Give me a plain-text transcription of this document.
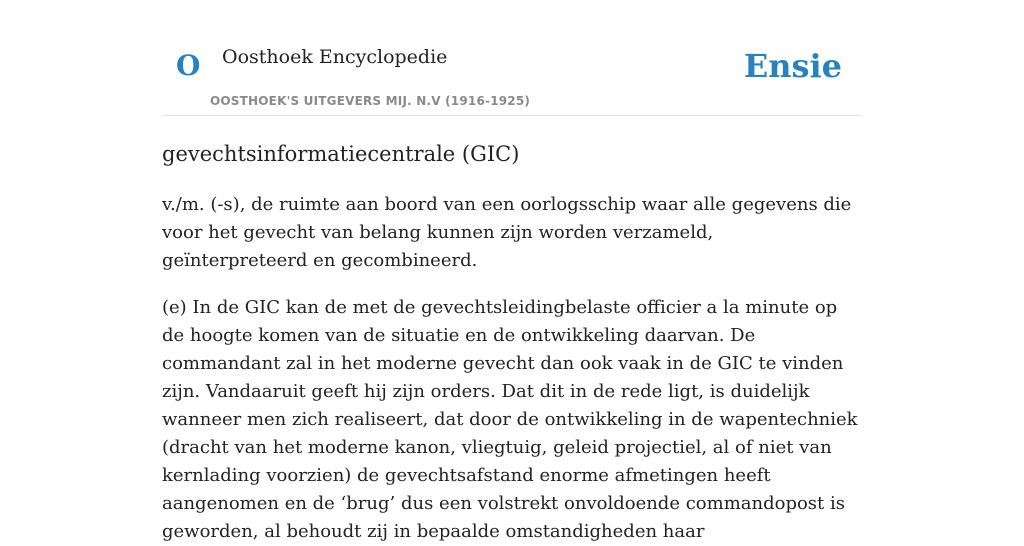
O Oosthoek Encyclopedie
OOSTHOEK'S UITGEVERS MIJ. N.V (1916-1925)
Ensie
gevechtsinformatiecentrale (GIC)

v./m. (-s), de ruimte aan boord van een oorlogsschip waar alle gegevens die voor het gevecht van belang kunnen zijn worden verzameld, geïnterpreteerd en gecombineerd.

(e) In de GIC kan de met de gevechtsleidingbelaste officier a la minute op de hoogte komen van de situatie en de ontwikkeling daarvan. De commandant zal in het moderne gevecht dan ook vaak in de GIC te vinden zijn. Vandaaruit geeft hij zijn orders. Dat dit in de rede ligt, is duidelijk wanneer men zich realiseert, dat door de ontwikkeling in de wapentechniek (dracht van het moderne kanon, vliegtuig, geleid projectiel, al of niet van kernlading voorzien) de gevechtsafstand enorme afmetingen heeft aangenomen en de ‘brug’ dus een volstrekt onvoldoende commandopost is geworden, al behoudt zij in bepaalde omstandigheden haar
